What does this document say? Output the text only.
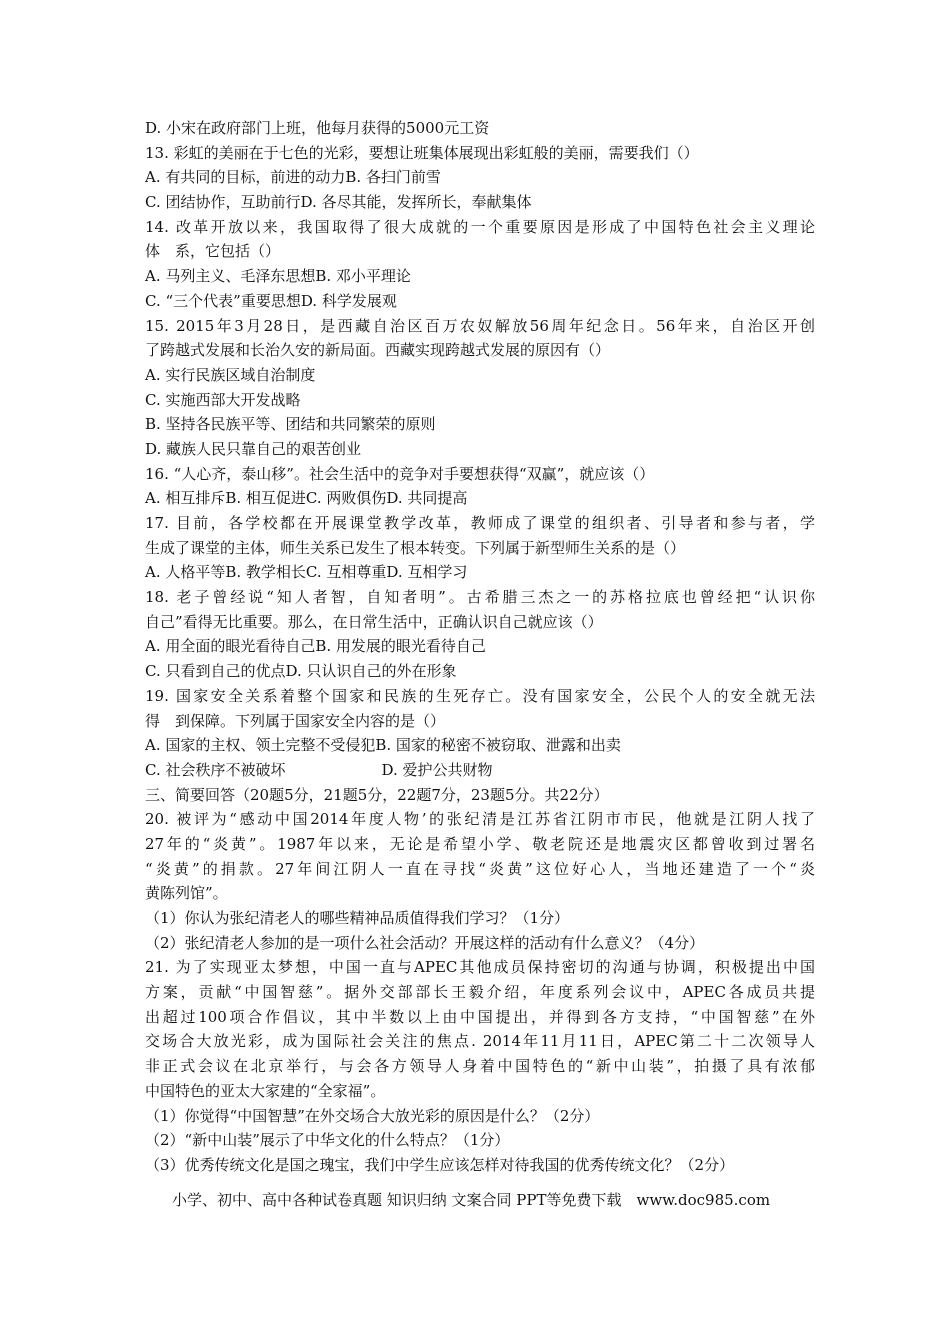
D. 小宋在政府部门上班，他每月获得的5000元工资
13. 彩虹的美丽在于七色的光彩，要想让班集体展现出彩虹般的美丽，需要我们（）
A. 有共同的目标，前进的动力B. 各扫门前雪
C. 团结协作，互助前行D. 各尽其能，发挥所长，奉献集体
14. 改革开放以来，我国取得了很大成就的一个重要原因是形成了中国特色社会主义理论
体　系，它包括（）
A. 马列主义、毛泽东思想B. 邓小平理论
C. “三个代表”重要思想D. 科学发展观
15. 2015年3月28日，是西藏自治区百万农奴解放56周年纪念日。56年来，自治区开创
了跨越式发展和长治久安的新局面。西藏实现跨越式发展的原因有（）
A. 实行民族区域自治制度
C. 实施西部大开发战略
B. 坚持各民族平等、团结和共同繁荣的原则
D. 藏族人民只靠自己的艰苦创业
16. “人心齐，泰山移”。社会生活中的竞争对手要想获得“双赢”，就应该（）
A. 相互排斥B. 相互促进C. 两败俱伤D. 共同提高
17. 目前，各学校都在开展课堂教学改革，教师成了课堂的组织者、引导者和参与者，学
生成了课堂的主体，师生关系已发生了根本转变。下列属于新型师生关系的是（）
A. 人格平等B. 教学相长C. 互相尊重D. 互相学习
18. 老子曾经说“知人者智，自知者明”。古希腊三杰之一的苏格拉底也曾经把“认识你
自己”看得无比重要。那么，在日常生活中，正确认识自己就应该（）
A. 用全面的眼光看待自己B. 用发展的眼光看待自己
C. 只看到自己的优点D. 只认识自己的外在形象
19. 国家安全关系着整个国家和民族的生死存亡。没有国家安全，公民个人的安全就无法
得　到保障。下列属于国家安全内容的是（）
A. 国家的主权、领土完整不受侵犯B. 国家的秘密不被窃取、泄露和出卖
C. 社会秩序不被破坏	D. 爱护公共财物
三、简要回答（20题5分，21题5分，22题7分，23题5分。共22分）
20. 被评为“感动中国2014年度人物’的张纪清是江苏省江阴市市民，他就是江阴人找了
27年的“炎黄”。1987年以来，无论是希望小学、敬老院还是地震灾区都曾收到过署名
“炎黄”的捐款。27年间江阴人一直在寻找“炎黄”这位好心人，当地还建造了一个“炎
黄陈列馆”。
（1）你认为张纪清老人的哪些精神品质值得我们学习？（1分）
（2）张纪清老人参加的是一项什么社会活动？开展这样的活动有什么意义？（4分）
21. 为了实现亚太梦想，中国一直与APEC其他成员保持密切的沟通与协调，积极提出中国
方案，贡献“中国智慈”。据外交部部长王毅介绍，年度系列会议中，APEC各成员共提
出超过100项合作倡议，其中半数以上由中国提出，并得到各方支持，“中国智慈”在外
交场合大放光彩，成为国际社会关注的焦点. 2014年11月11日，APEC第二十二次领导人
非正式会议在北京举行，与会各方领导人身着中国特色的“新中山装”，拍摄了具有浓郁
中国特色的亚太大家建的“全家福”。
（1）你觉得“中国智慧”在外交场合大放光彩的原因是什么？（2分）
（2）“新中山装”展示了中华文化的什么特点？（1分）
（3）优秀传统文化是国之瑰宝，我们中学生应该怎样对待我国的优秀传统文化？（2分）
小学、初中、高中各种试卷真题 知识归纳 文案合同 PPT等免费下载　www.doc985.com
